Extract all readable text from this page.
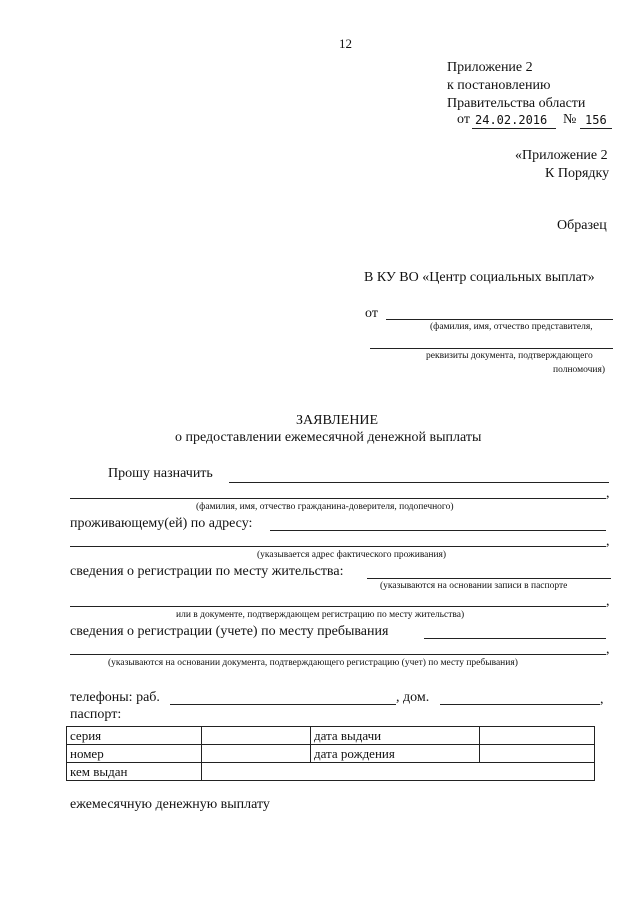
12
Приложение 2
к постановлению
Правительства области
от 24.02.2016 № 156
«Приложение 2
К Порядку
Образец
В КУ ВО «Центр социальных выплат»
от
(фамилия, имя, отчество представителя,
реквизиты документа, подтверждающего
полномочия)
ЗАЯВЛЕНИЕ
о предоставлении ежемесячной денежной выплаты
Прошу назначить
,
(фамилия, имя, отчество гражданина-доверителя, подопечного)
проживающему(ей) по адресу:
,
(указывается адрес фактического проживания)
сведения о регистрации по месту жительства:
(указываются на основании записи в паспорте
,
или в документе, подтверждающем регистрацию по месту жительства)
сведения о регистрации (учете) по месту пребывания
,
(указываются на основании документа, подтверждающего регистрацию (учет) по месту пребывания)
телефоны: раб.	, дом.	,
паспорт:
серия		дата выдачи	
номер		дата рождения	
кем выдан			
ежемесячную денежную выплату
